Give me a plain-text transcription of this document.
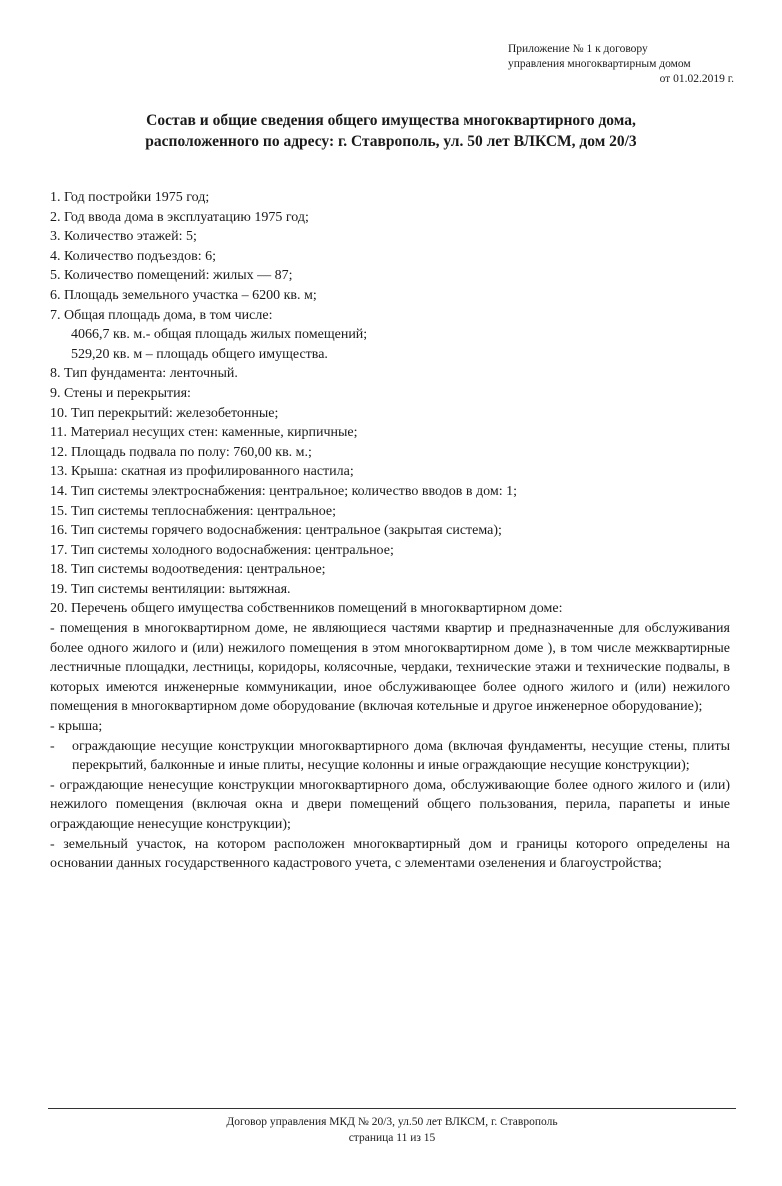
Приложение № 1 к договору
управления многоквартирным домом
от 01.02.2019 г.
Состав и общие сведения общего имущества многоквартирного дома,
расположенного по адресу: г. Ставрополь, ул. 50 лет ВЛКСМ, дом 20/3
1. Год постройки 1975 год;
2. Год ввода дома в эксплуатацию 1975 год;
3. Количество этажей: 5;
4. Количество подъездов: 6;
5. Количество помещений: жилых — 87;
6. Площадь земельного участка – 6200 кв. м;
7. Общая площадь дома, в том числе:
4066,7 кв. м.- общая площадь жилых помещений;
529,20 кв. м – площадь общего имущества.
8. Тип фундамента: ленточный.
9. Стены и перекрытия:
10. Тип перекрытий: железобетонные;
11. Материал несущих стен: каменные, кирпичные;
12. Площадь подвала по полу: 760,00 кв. м.;
13. Крыша: скатная из профилированного настила;
14. Тип системы электроснабжения: центральное; количество вводов в дом: 1;
15. Тип системы теплоснабжения: центральное;
16. Тип системы горячего водоснабжения: центральное (закрытая система);
17. Тип системы холодного водоснабжения: центральное;
18. Тип системы водоотведения: центральное;
19. Тип системы вентиляции: вытяжная.
20. Перечень общего имущества собственников помещений в многоквартирном доме:
- помещения в многоквартирном доме, не являющиеся частями квартир и предназначенные для обслуживания более одного жилого и (или) нежилого помещения в этом многоквартирном доме ), в том числе межквартирные лестничные площадки, лестницы, коридоры, колясочные, чердаки, технические этажи и технические подвалы, в которых имеются инженерные коммуникации, иное обслуживающее более одного жилого и (или) нежилого помещения в многоквартирном доме оборудование (включая котельные и другое инженерное оборудование);
- крыша;
-	ограждающие несущие конструкции многоквартирного дома (включая фундаменты, несущие стены, плиты перекрытий, балконные и иные плиты, несущие колонны и иные ограждающие несущие конструкции);
- ограждающие ненесущие конструкции многоквартирного дома, обслуживающие более одного жилого и (или) нежилого помещения (включая окна и двери помещений общего пользования, перила, парапеты и иные ограждающие ненесущие конструкции);
- земельный участок, на котором расположен многоквартирный дом и границы которого определены на основании данных государственного кадастрового учета, с элементами озеленения и благоустройства;
Договор управления МКД № 20/3, ул.50 лет ВЛКСМ, г. Ставрополь
страница 11 из 15
